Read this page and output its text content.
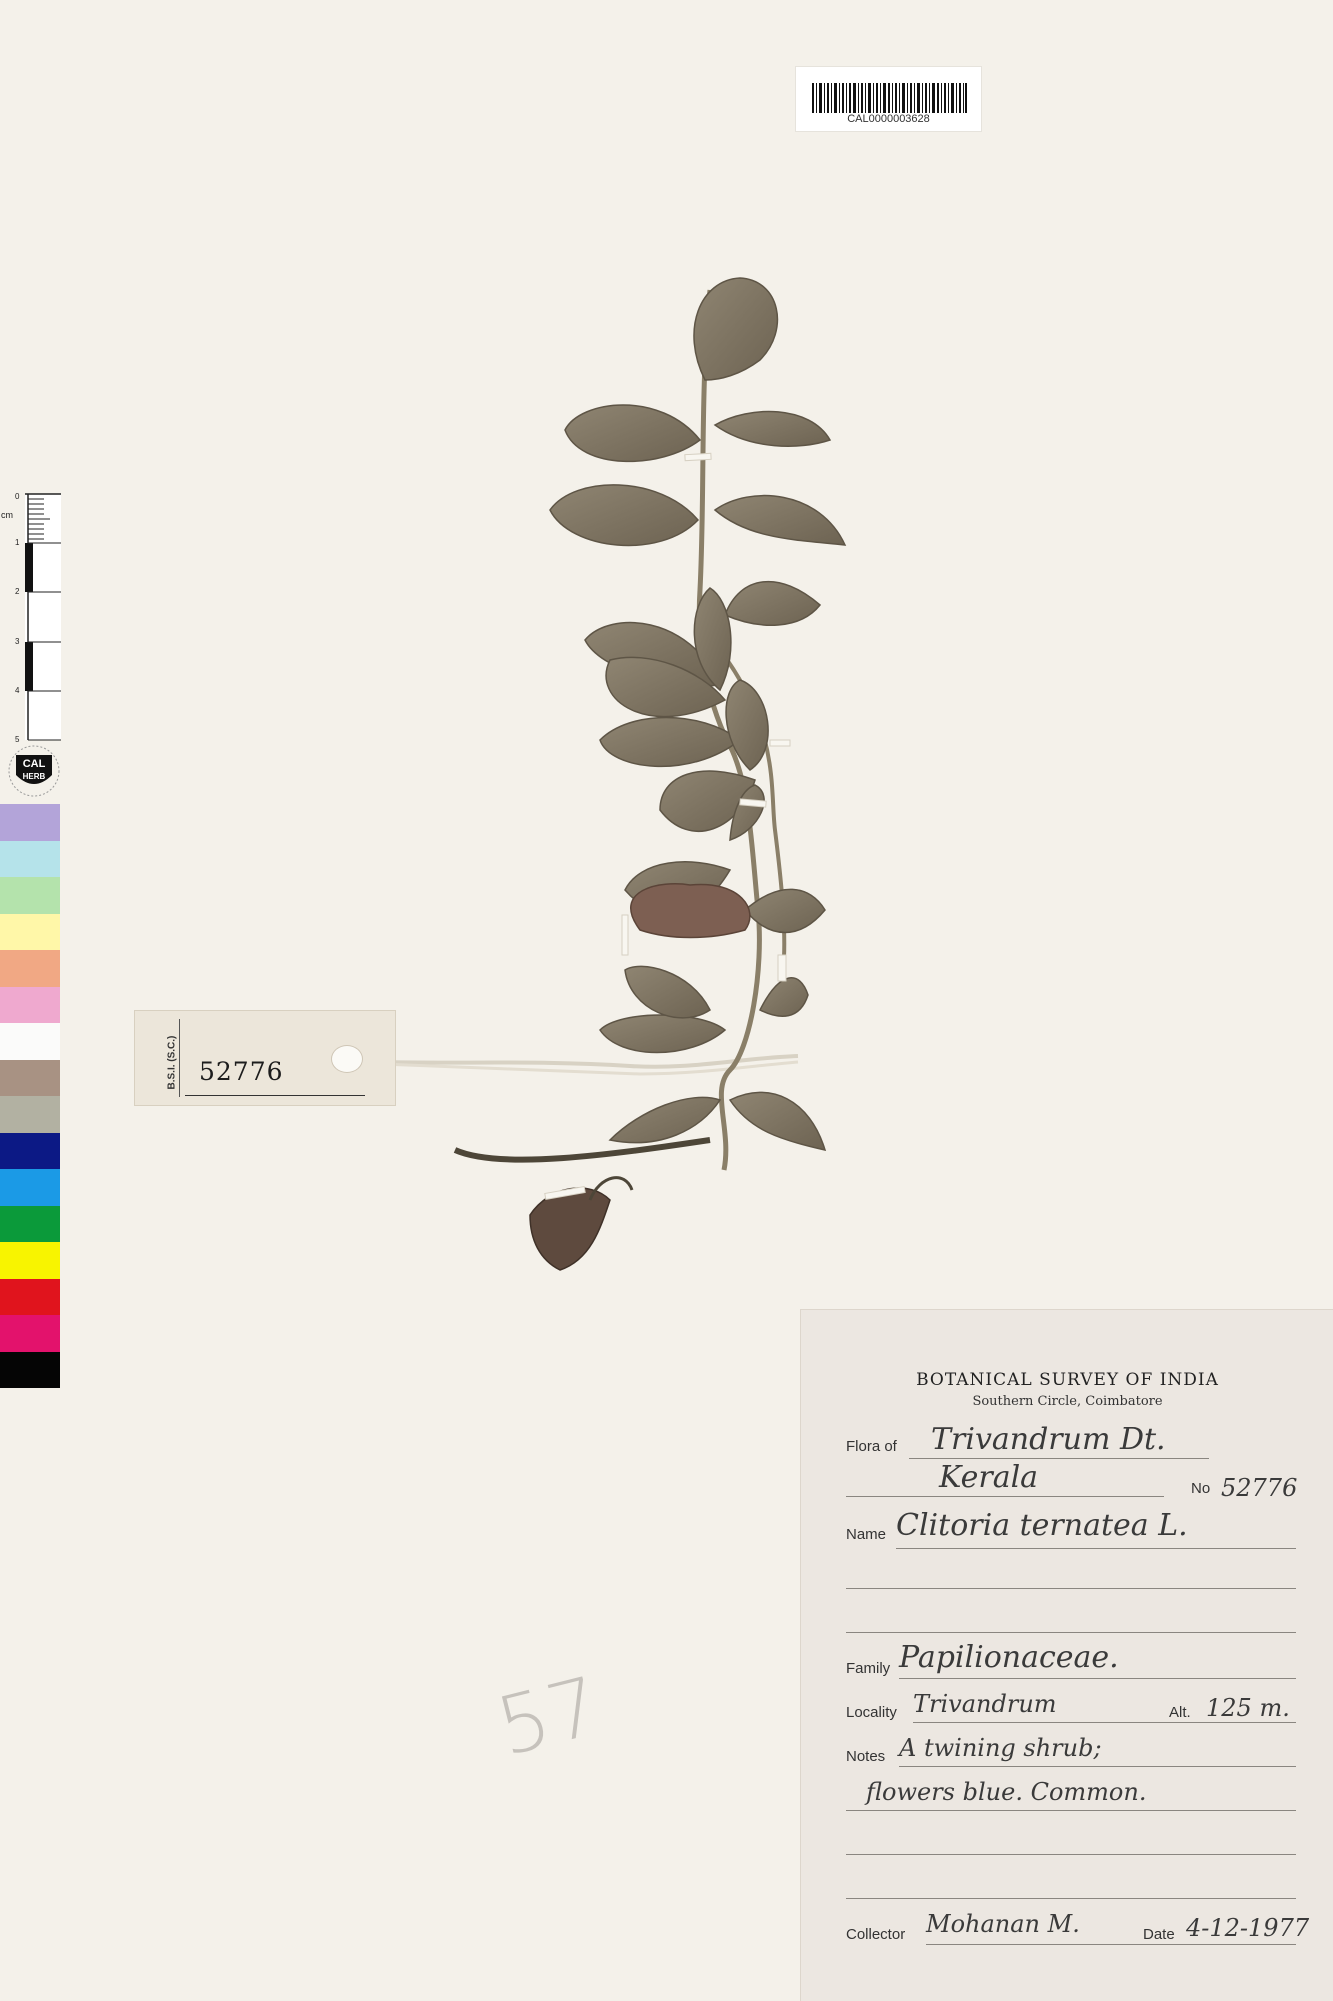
CAL0000003628
cm
0
1
2
3
4
5
CAL
HERB
B.S.I. (S.C.) 52776
57
BOTANICAL SURVEY OF INDIA
Southern Circle, Coimbatore
Flora of Trivandrum Dt.
Kerala	No 52776
Name Clitoria ternatea L.
Family Papilionaceae.
Locality Trivandrum	Alt. 125 m.
Notes A twining shrub;
flowers blue. Common.
Collector Mohanan M.	Date 4-12-1977
